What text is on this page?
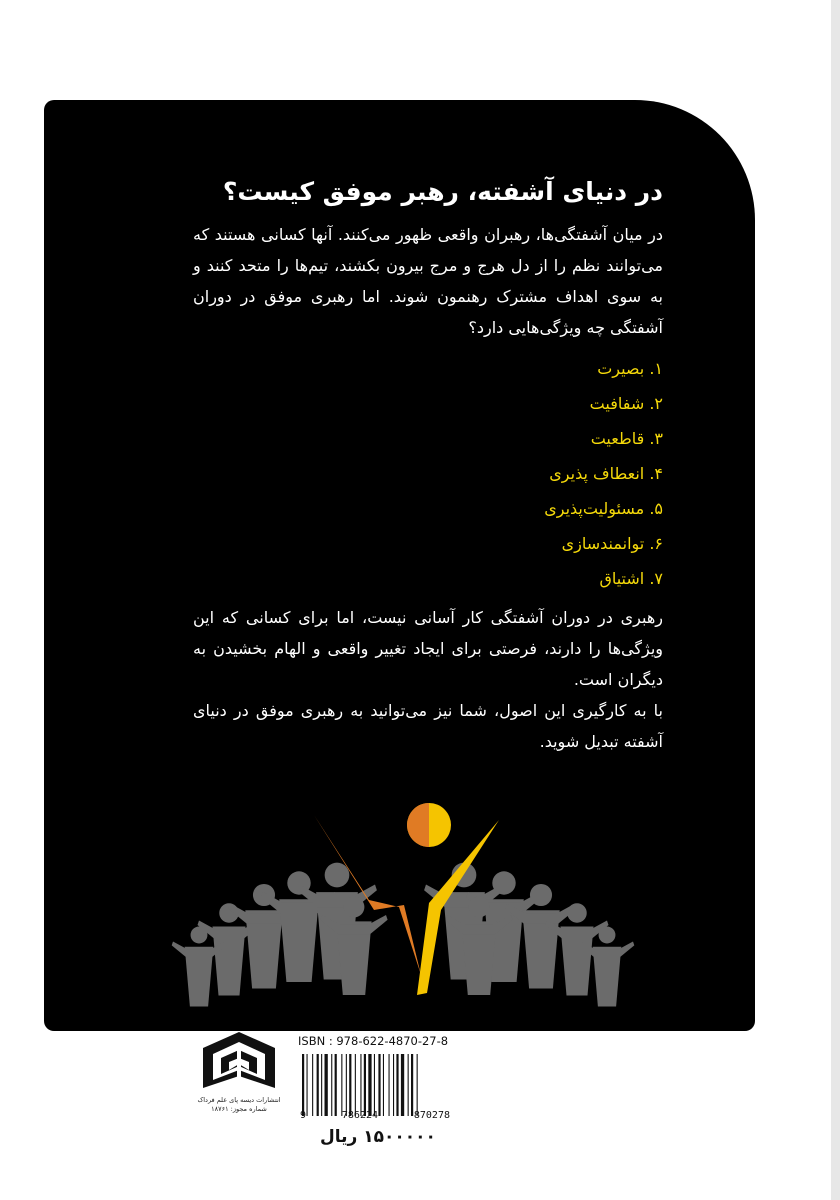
در دنیای آشفته، رهبر موفق کیست؟

در میان آشفتگی‌ها، رهبران واقعی ظهور می‌کنند. آنها کسانی هستند که می‌توانند نظم را از دل هرج و مرج بیرون بکشند، تیم‌ها را متحد کنند و به سوی اهداف مشترک رهنمون شوند. اما رهبری موفق در دوران آشفتگی چه ویژگی‌هایی دارد؟

۱. بصیرت
۲. شفافیت
۳. قاطعیت
۴. انعطاف پذیری
۵. مسئولیت‌پذیری
۶. توانمندسازی
۷. اشتیاق

رهبری در دوران آشفتگی کار آسانی نیست، اما برای کسانی که این ویژگی‌ها را دارند، فرصتی برای ایجاد تغییر واقعی و الهام بخشیدن به دیگران است.

با به کارگیری این اصول، شما نیز می‌توانید به رهبری موفق در دنیای آشفته تبدیل شوید.

انتشارات دیسه پای علم فرداک
شماره مجوز: ۱۸۷۶۱
ISBN : 978-622-4870-27-8
9	786224	870278
۱۵۰۰۰۰۰ ریال
